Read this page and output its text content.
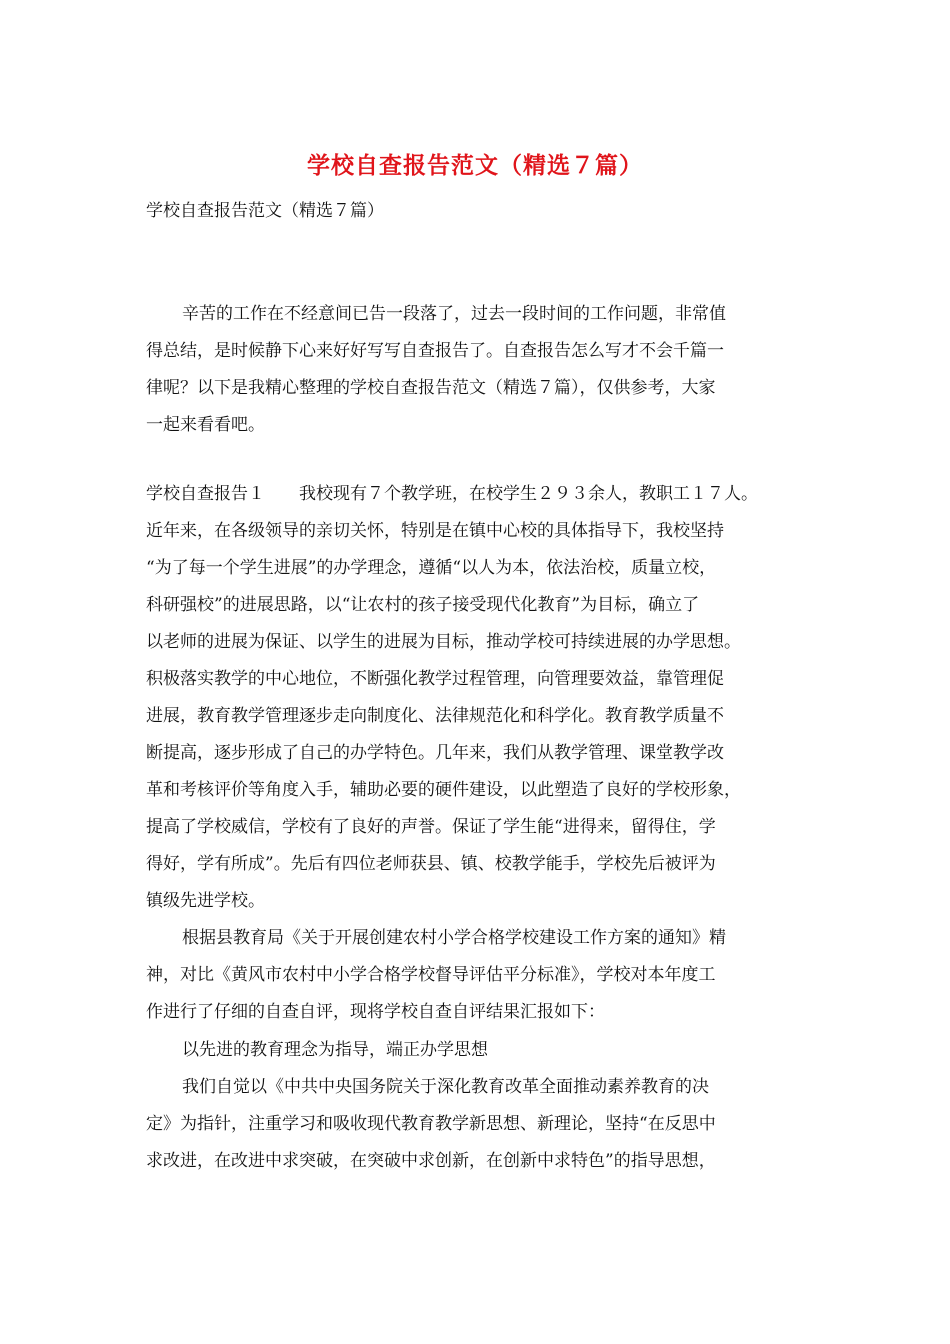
学校自查报告范文（精选７篇）
学校自查报告范文（精选７篇）
辛苦的工作在不经意间已告一段落了，过去一段时间的工作问题，非常值
得总结，是时候静下心来好好写写自查报告了。自查报告怎么写才不会千篇一
律呢？以下是我精心整理的学校自查报告范文（精选７篇），仅供参考，大家
一起来看看吧。
学校自查报告１　　我校现有７个教学班，在校学生２９３余人，教职工１７人。
近年来，在各级领导的亲切关怀，特别是在镇中心校的具体指导下，我校坚持
“为了每一个学生进展”的办学理念，遵循“以人为本，依法治校，质量立校，
科研强校”的进展思路，以“让农村的孩子接受现代化教育”为目标，确立了
以老师的进展为保证、以学生的进展为目标，推动学校可持续进展的办学思想。
积极落实教学的中心地位，不断强化教学过程管理，向管理要效益，靠管理促
进展，教育教学管理逐步走向制度化、法律规范化和科学化。教育教学质量不
断提高，逐步形成了自己的办学特色。几年来，我们从教学管理、课堂教学改
革和考核评价等角度入手，辅助必要的硬件建设，以此塑造了良好的学校形象，
提高了学校威信，学校有了良好的声誉。保证了学生能“进得来，留得住，学
得好，学有所成”。先后有四位老师获县、镇、校教学能手，学校先后被评为
镇级先进学校。
根据县教育局《关于开展创建农村小学合格学校建设工作方案的通知》精
神，对比《黄风市农村中小学合格学校督导评估平分标准》，学校对本年度工
作进行了仔细的自查自评，现将学校自查自评结果汇报如下：
以先进的教育理念为指导，端正办学思想
我们自觉以《中共中央国务院关于深化教育改革全面推动素养教育的决
定》为指针，注重学习和吸收现代教育教学新思想、新理论，坚持“在反思中
求改进，在改进中求突破，在突破中求创新，在创新中求特色”的指导思想，
